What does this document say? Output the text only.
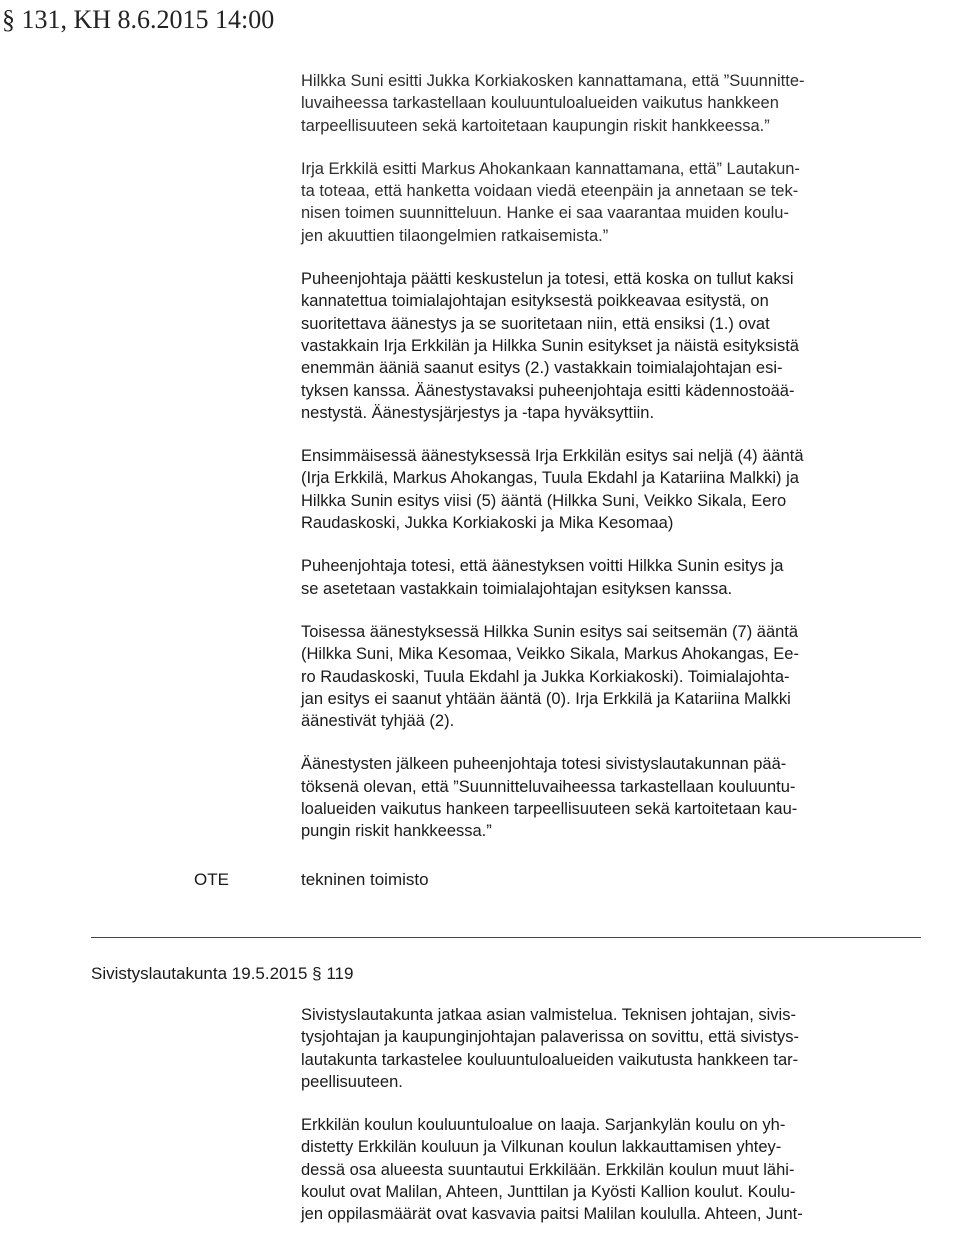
§ 131, KH 8.6.2015 14:00

Hilkka Suni esitti Jukka Korkiakosken kannattamana, että ”Suunnitte-
luvaiheessa tarkastellaan kouluuntuloalueiden vaikutus hankkeen
tarpeellisuuteen sekä kartoitetaan kaupungin riskit hankkeessa.”

Irja Erkkilä esitti Markus Ahokankaan kannattamana, että” Lautakun-
ta toteaa, että hanketta voidaan viedä eteenpäin ja annetaan se tek-
nisen toimen suunnitteluun. Hanke ei saa vaarantaa muiden koulu-
jen akuuttien tilaongelmien ratkaisemista.”

Puheenjohtaja päätti keskustelun ja totesi, että koska on tullut kaksi
kannatettua toimialajohtajan esityksestä poikkeavaa esitystä, on
suoritettava äänestys ja se suoritetaan niin, että ensiksi (1.) ovat
vastakkain Irja Erkkilän ja Hilkka Sunin esitykset ja näistä esityksistä
enemmän ääniä saanut esitys (2.) vastakkain toimialajohtajan esi-
tyksen kanssa. Äänestystavaksi puheenjohtaja esitti kädennostoää-
nestystä. Äänestysjärjestys ja -tapa hyväksyttiin.

Ensimmäisessä äänestyksessä Irja Erkkilän esitys sai neljä (4) ääntä
(Irja Erkkilä, Markus Ahokangas, Tuula Ekdahl ja Katariina Malkki) ja
Hilkka Sunin esitys viisi (5) ääntä (Hilkka Suni, Veikko Sikala, Eero
Raudaskoski, Jukka Korkiakoski ja Mika Kesomaa)

Puheenjohtaja totesi, että äänestyksen voitti Hilkka Sunin esitys ja
se asetetaan vastakkain toimialajohtajan esityksen kanssa.

Toisessa äänestyksessä Hilkka Sunin esitys sai seitsemän (7) ääntä
(Hilkka Suni, Mika Kesomaa, Veikko Sikala, Markus Ahokangas, Ee-
ro Raudaskoski, Tuula Ekdahl ja Jukka Korkiakoski). Toimialajohta-
jan esitys ei saanut yhtään ääntä (0). Irja Erkkilä ja Katariina Malkki
äänestivät tyhjää (2).

Äänestysten jälkeen puheenjohtaja totesi sivistyslautakunnan pää-
töksenä olevan, että ”Suunnitteluvaiheessa tarkastellaan kouluuntu-
loalueiden vaikutus hankeen tarpeellisuuteen sekä kartoitetaan kau-
pungin riskit hankkeessa.”

OTE	tekninen toimisto
Sivistyslautakunta 19.5.2015 § 119

Sivistyslautakunta jatkaa asian valmistelua. Teknisen johtajan, sivis-
tysjohtajan ja kaupunginjohtajan palaverissa on sovittu, että sivistys-
lautakunta tarkastelee kouluuntuloalueiden vaikutusta hankkeen tar-
peellisuuteen.

Erkkilän koulun kouluuntuloalue on laaja. Sarjankylän koulu on yh-
distetty Erkkilän kouluun ja Vilkunan koulun lakkauttamisen yhtey-
dessä osa alueesta suuntautui Erkkilään. Erkkilän koulun muut lähi-
koulut ovat Malilan, Ahteen, Junttilan ja Kyösti Kallion koulut. Koulu-
jen oppilasmäärät ovat kasvavia paitsi Malilan koululla. Ahteen, Junt-
